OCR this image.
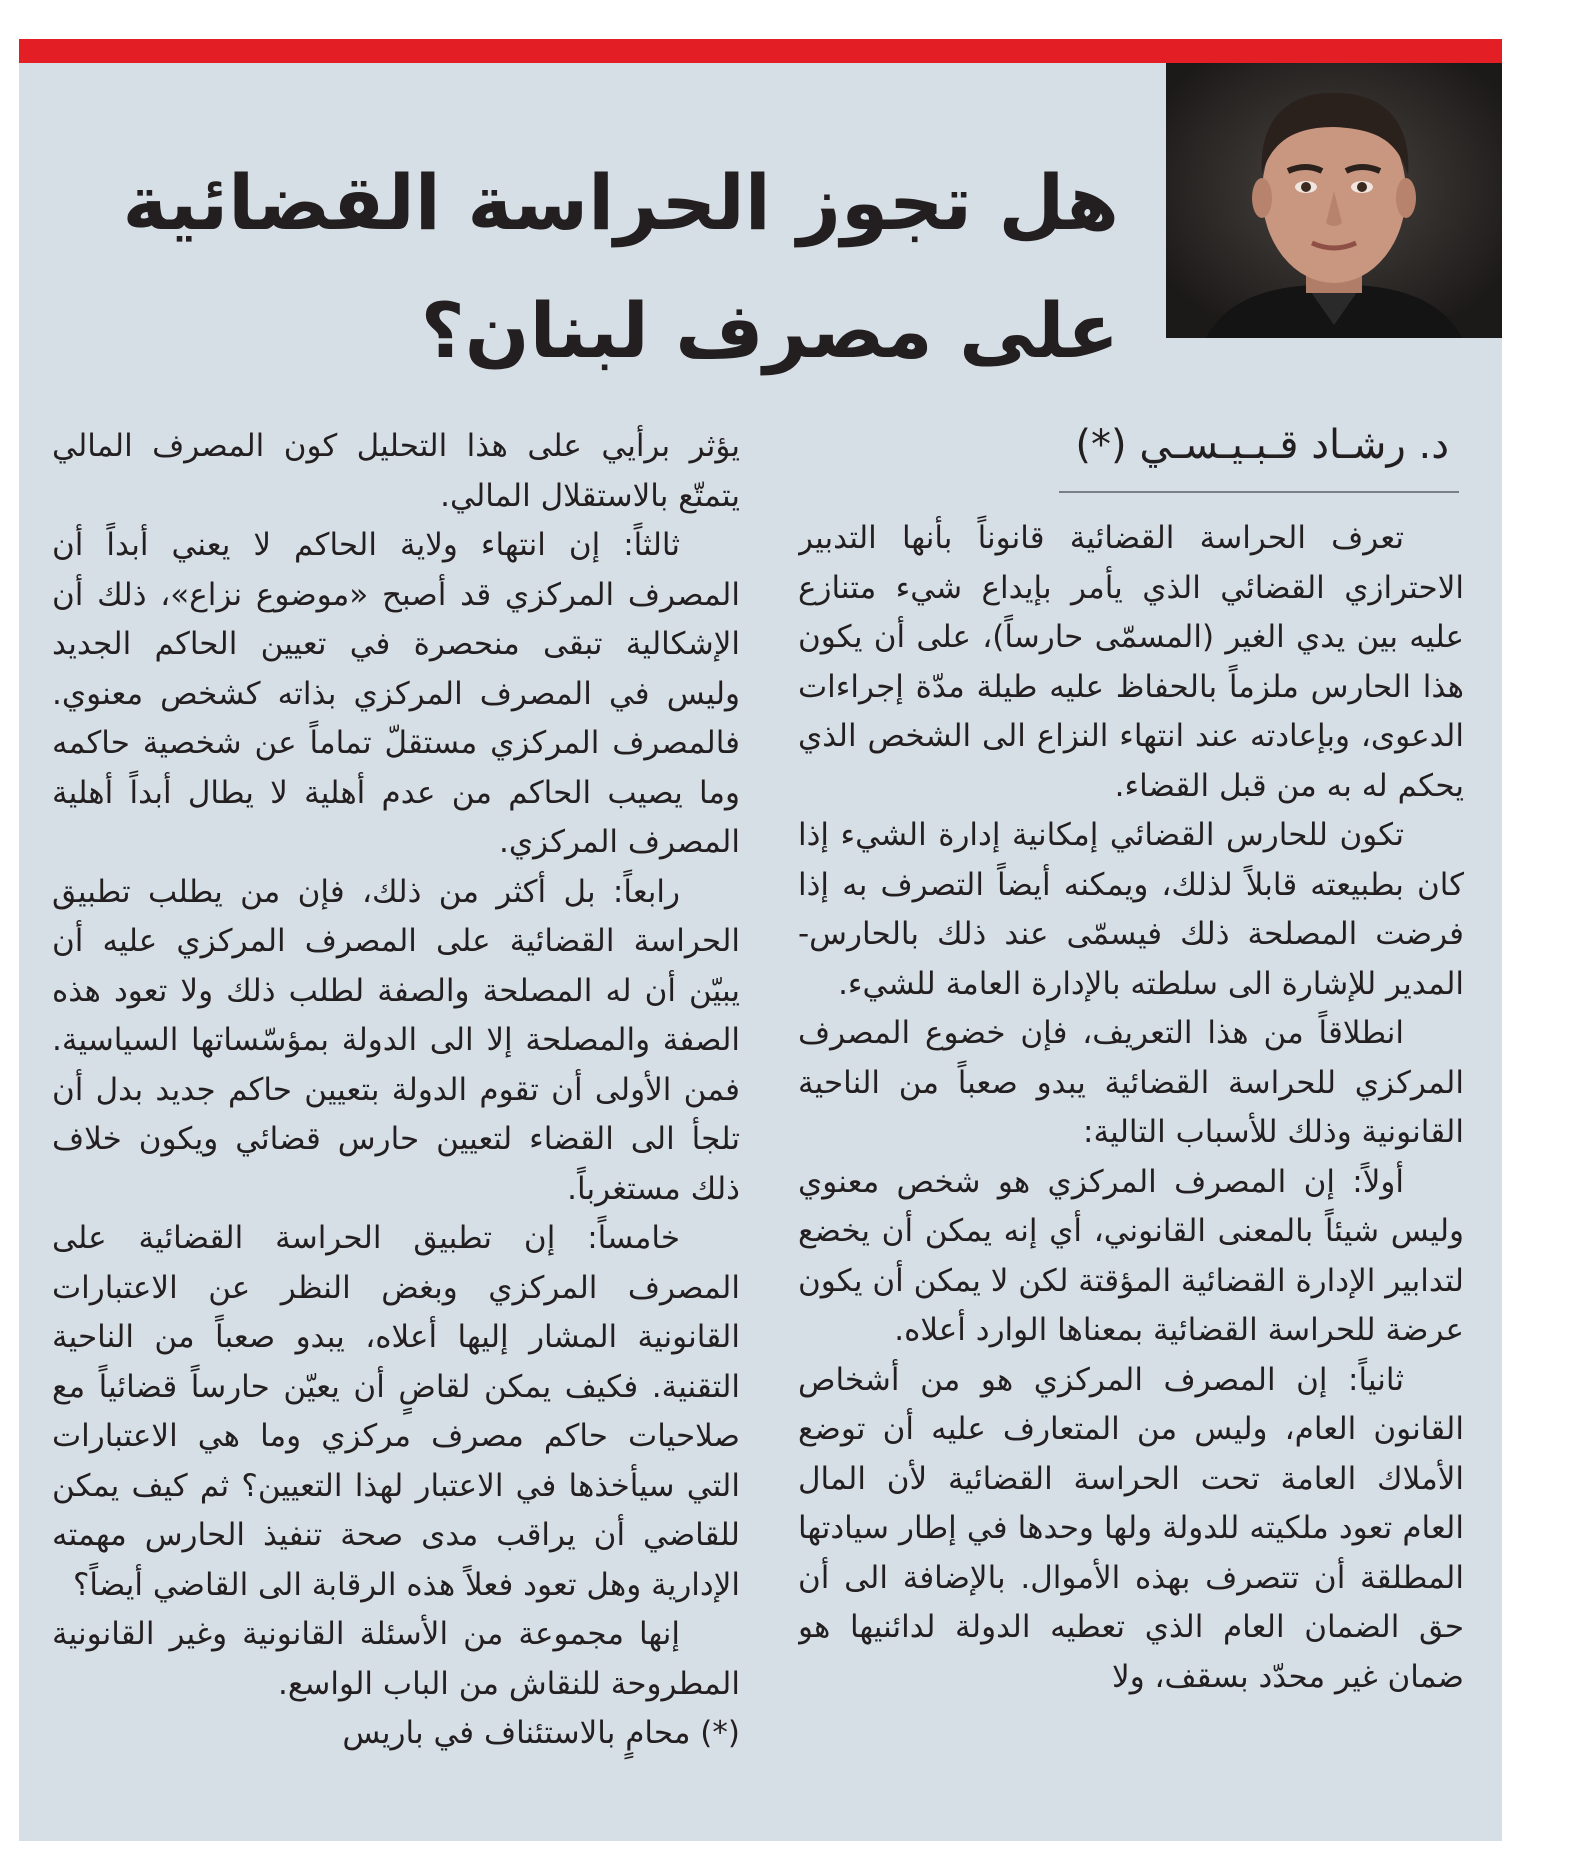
هل تجوز الحراسة القضائية
على مصرف لبنان؟
د. رشـاد قـبـيـسـي (*)

تعرف الحراسة القضائية قانوناً بأنها التدبير الاحترازي القضائي الذي يأمر بإيداع شيء متنازع عليه بين يدي الغير (المسمّى حارساً)، على أن يكون هذا الحارس ملزماً بالحفاظ عليه طيلة مدّة إجراءات الدعوى، وبإعادته عند انتهاء النزاع الى الشخص الذي يحكم له به من قبل القضاء.

تكون للحارس القضائي إمكانية إدارة الشيء إذا كان بطبيعته قابلاً لذلك، ويمكنه أيضاً التصرف به إذا فرضت المصلحة ذلك فيسمّى عند ذلك بالحارس-المدير للإشارة الى سلطته بالإدارة العامة للشيء.

انطلاقاً من هذا التعريف، فإن خضوع المصرف المركزي للحراسة القضائية يبدو صعباً من الناحية القانونية وذلك للأسباب التالية:

أولاً: إن المصرف المركزي هو شخص معنوي وليس شيئاً بالمعنى القانوني، أي إنه يمكن أن يخضع لتدابير الإدارة القضائية المؤقتة لكن لا يمكن أن يكون عرضة للحراسة القضائية بمعناها الوارد أعلاه.

ثانياً: إن المصرف المركزي هو من أشخاص القانون العام، وليس من المتعارف عليه أن توضع الأملاك العامة تحت الحراسة القضائية لأن المال العام تعود ملكيته للدولة ولها وحدها في إطار سيادتها المطلقة أن تتصرف بهذه الأموال. بالإضافة الى أن حق الضمان العام الذي تعطيه الدولة لدائنيها هو ضمان غير محدّد بسقف، ولا

يؤثر برأيي على هذا التحليل كون المصرف المالي يتمتّع بالاستقلال المالي.

ثالثاً: إن انتهاء ولاية الحاكم لا يعني أبداً أن المصرف المركزي قد أصبح «موضوع نزاع»، ذلك أن الإشكالية تبقى منحصرة في تعيين الحاكم الجديد وليس في المصرف المركزي بذاته كشخص معنوي. فالمصرف المركزي مستقلّ تماماً عن شخصية حاكمه وما يصيب الحاكم من عدم أهلية لا يطال أبداً أهلية المصرف المركزي.

رابعاً: بل أكثر من ذلك، فإن من يطلب تطبيق الحراسة القضائية على المصرف المركزي عليه أن يبيّن أن له المصلحة والصفة لطلب ذلك ولا تعود هذه الصفة والمصلحة إلا الى الدولة بمؤسّساتها السياسية. فمن الأولى أن تقوم الدولة بتعيين حاكم جديد بدل أن تلجأ الى القضاء لتعيين حارس قضائي ويكون خلاف ذلك مستغرباً.

خامساً: إن تطبيق الحراسة القضائية على المصرف المركزي وبغض النظر عن الاعتبارات القانونية المشار إليها أعلاه، يبدو صعباً من الناحية التقنية. فكيف يمكن لقاضٍ أن يعيّن حارساً قضائياً مع صلاحيات حاكم مصرف مركزي وما هي الاعتبارات التي سيأخذها في الاعتبار لهذا التعيين؟ ثم كيف يمكن للقاضي أن يراقب مدى صحة تنفيذ الحارس مهمته الإدارية وهل تعود فعلاً هذه الرقابة الى القاضي أيضاً؟

إنها مجموعة من الأسئلة القانونية وغير القانونية المطروحة للنقاش من الباب الواسع.

(*) محامٍ بالاستئناف في باريس
